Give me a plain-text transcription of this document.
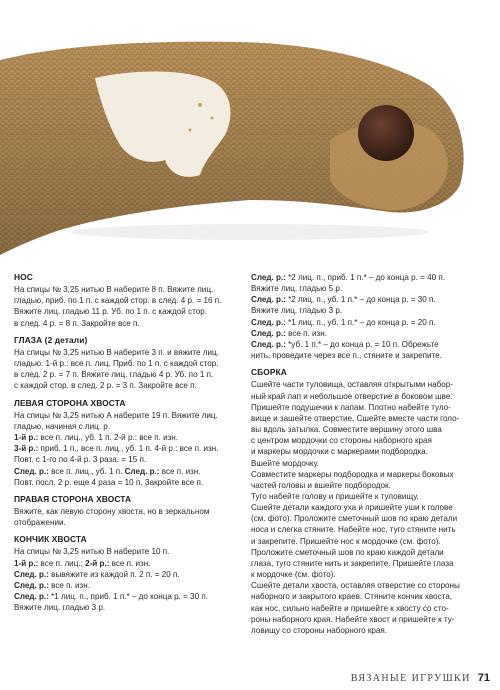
НОС
На спицы № 3,25 нитью B наберите 8 п. Вяжите лиц.
гладью, приб. по 1 п. с каждой стор. в след. 4 р. = 16 п.
Вяжите лиц. гладью 11 р. Уб. по 1 п. с каждой стор.
в след. 4 р. = 8 п. Закройте все п.
ГЛАЗА (2 детали)
На спицы № 3,25 нитью B наберите 3 п. и вяжите лиц.
гладью. 1-й р.: все п. лиц. Приб. по 1 п. с каждой стор.
в след. 2 р. = 7 п. Вяжите лиц. гладью 4 р. Уб. по 1 п.
с каждой стор. в след. 2 р. = 3 п. Закройте все п.
ЛЕВАЯ СТОРОНА ХВОСТА
На спицы № 3,25 нитью А наберите 19 п. Вяжите лиц.
гладью, начиная с лиц. р.
1-й р.: все п. лиц., уб. 1 п. 2-й р.: все п. изн.
3-й р.: приб. 1 п., все п. лиц., уб. 1 п. 4-й р.: все п. изн.
Повт. с 1-го по 4-й р. 3 раза. = 15 п.
След. р.: все п. лиц., уб. 1 п. След. р.: все п. изн.
Повт. посл. 2 р. еще 4 раза = 10 п. Закройте все п.
ПРАВАЯ СТОРОНА ХВОСТА
Вяжите, как левую сторону хвоста, но в зеркальном
отображении.
КОНЧИК ХВОСТА
На спицы № 3,25 нитью B наберите 10 п.
1-й р.: все п. лиц.; 2-й р.: все п. изн.
След. р.: вывяжите из каждой п. 2 п. = 20 п.
След. р.: все п. изн.
След. р.: *1 лиц. п., приб. 1 п.* – до конца р. = 30 п.
Вяжите лиц. гладью 3 р.
След. р.: *2 лиц. п., приб. 1 п.* – до конца р. = 40 п.
Вяжите лиц. гладью 5 р.
След. р.: *2 лиц. п., уб. 1 п.* – до конца р. = 30 п.
Вяжите лиц. гладью 3 р.
След. р.: *1 лиц. п., уб. 1 п.* – до конца р. = 20 п.
След. р.: все п. изн.
След. р.: *уб. 1 п.* – до конца р. = 10 п. Обрежьте
нить, проведите через все п., стяните и закрепите.
СБОРКА
Сшейте части туловища, оставляя открытыми набор-
ный край лап и небольшое отверстие в боковом шве.
Пришейте подушечки к лапам. Плотно набейте туло-
вище и зашейте отверстие. Сшейте вместе части голо-
вы вдоль затылка. Совместите вершину этого шва
с центром мордочки со стороны наборного края
и маркеры мордочки с маркерами подбородка.
Вшейте мордочку.
Совместите маркеры подбородка и маркеры боковых
частей головы и вшейте подбородок.
Туго набейте голову и пришейте к туловищу.
Сшейте детали каждого уха и пришейте уши к голове
(см. фото). Проложите сметочный шов по краю детали
носа и слегка стяните. Набейте нос, туго стяните нить
и закрепите. Пришейте нос к мордочке (см. фото).
Проложите сметочный шов по краю каждой детали
глаза, туго стяните нить и закрепите. Пришейте глаза
к мордочке (см. фото).
Сшейте детали хвоста, оставляя отверстие со стороны
наборного и закрытого краев. Стяните кончик хвоста,
как нос, сильно набейте и пришейте к хвосту со сто-
роны наборного края. Набейте хвост и пришейте к ту-
ловищу со стороны наборного края.
ВЯЗАНЫЕ ИГРУШКИ 71
